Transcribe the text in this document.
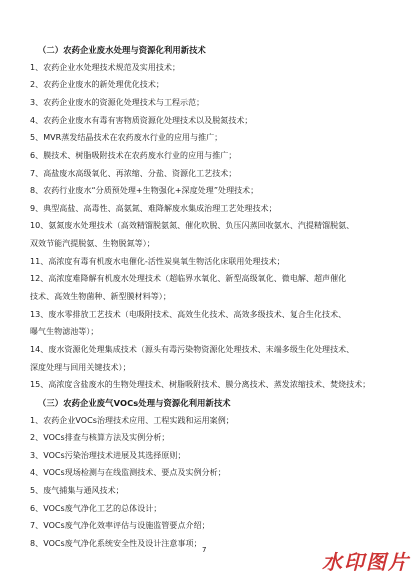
（二）农药企业废水处理与资源化利用新技术
1、农药企业水处理技术规范及实用技术；
2、农药企业废水的新处理优化技术；
3、农药企业废水的资源化处理技术与工程示范；
4、农药企业废水有毒有害物质资源化处理技术以及脱氮技术；
5、MVR蒸发结晶技术在农药废水行业的应用与推广；
6、膜技术、树脂吸附技术在农药废水行业的应用与推广；
7、高盐废水高级氧化、再浓缩、分盐、资源化工艺技术；
8、农药行业废水“分质预处理+生物强化+深度处理”处理技术；
9、典型高盐、高毒性、高氨氮、难降解废水集成治理工艺处理技术；
10、氨氮废水处理技术（高效精馏脱氨氮、催化吹脱、负压闪蒸回收氨水、汽提精馏脱氨、
双效节能汽提脱氨、生物脱氮等）；
11、高浓度有毒有机废水电催化-活性炭臭氧生物活化床联用处理技术；
12、高浓度难降解有机废水处理技术（超临界水氧化、新型高级氧化、微电解、超声催化
技术、高效生物菌种、新型膜材料等）；
13、废水零排放工艺技术（电吸附技术、高效生化技术、高效多级技术、复合生化技术、
曝气生物滤池等）；
14、废水资源化处理集成技术（源头有毒污染物资源化处理技术、末端多级生化处理技术、
深度处理与回用关键技术）；
15、高浓度含盐废水的生物处理技术、树脂吸附技术、膜分离技术、蒸发浓缩技术、焚烧技术；
（三）农药企业废气VOCs处理与资源化利用新技术
1、农药企业VOCs治理技术应用、工程实践和运用案例；
2、VOCs排查与核算方法及实例分析；
3、VOCs污染治理技术进展及其选择原则；
4、VOCs现场检测与在线监测技术、要点及实例分析；
5、废气捕集与通风技术；
6、VOCs废气净化工艺的总体设计；
7、VOCs废气净化效率评估与设施监管要点介绍；
8、VOCs废气净化系统安全性及设计注意事项；
7	水印图片
